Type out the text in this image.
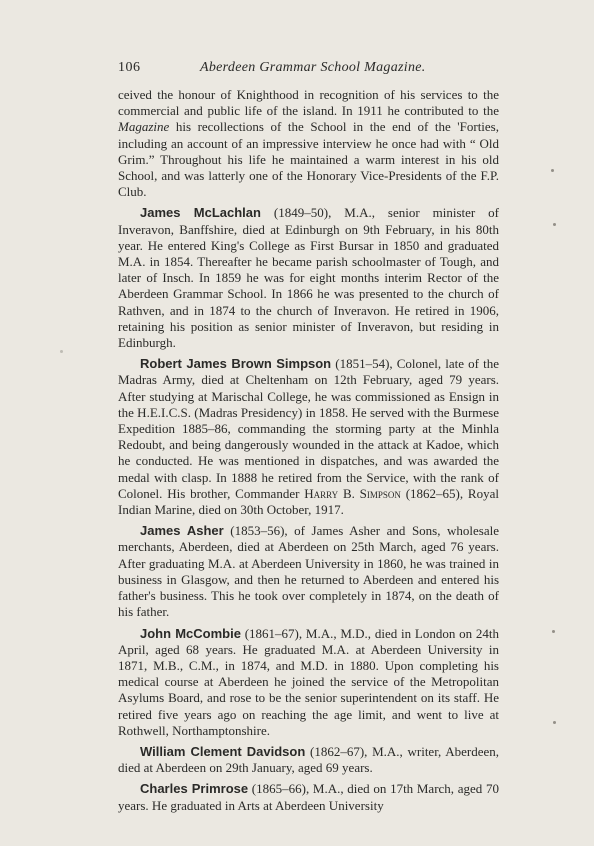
106	Aberdeen Grammar School Magazine.

ceived the honour of Knighthood in recognition of his services to the commercial and public life of the island. In 1911 he contributed to the Magazine his recollections of the School in the end of the 'Forties, including an account of an impressive interview he once had with “ Old Grim.” Throughout his life he maintained a warm interest in his old School, and was latterly one of the Honorary Vice-Presidents of the F.P. Club.

James McLachlan (1849–50), M.A., senior minister of Inveravon, Banffshire, died at Edinburgh on 9th February, in his 80th year. He entered King's College as First Bursar in 1850 and graduated M.A. in 1854. Thereafter he became parish schoolmaster of Tough, and later of Insch. In 1859 he was for eight months interim Rector of the Aberdeen Grammar School. In 1866 he was presented to the church of Rathven, and in 1874 to the church of Inveravon. He retired in 1906, retaining his position as senior minister of Inveravon, but residing in Edinburgh.

Robert James Brown Simpson (1851–54), Colonel, late of the Madras Army, died at Cheltenham on 12th February, aged 79 years. After studying at Marischal College, he was commissioned as Ensign in the H.E.I.C.S. (Madras Presidency) in 1858. He served with the Burmese Expedition 1885–86, commanding the storming party at the Minhla Redoubt, and being dangerously wounded in the attack at Kadoe, which he conducted. He was mentioned in dispatches, and was awarded the medal with clasp. In 1888 he retired from the Service, with the rank of Colonel. His brother, Commander Harry B. Simpson (1862–65), Royal Indian Marine, died on 30th October, 1917.

James Asher (1853–56), of James Asher and Sons, wholesale merchants, Aberdeen, died at Aberdeen on 25th March, aged 76 years. After graduating M.A. at Aberdeen University in 1860, he was trained in business in Glasgow, and then he returned to Aberdeen and entered his father's business. This he took over completely in 1874, on the death of his father.

John McCombie (1861–67), M.A., M.D., died in London on 24th April, aged 68 years. He graduated M.A. at Aberdeen University in 1871, M.B., C.M., in 1874, and M.D. in 1880. Upon completing his medical course at Aberdeen he joined the service of the Metropolitan Asylums Board, and rose to be the senior superintendent on its staff. He retired five years ago on reaching the age limit, and went to live at Rothwell, Northamptonshire.

William Clement Davidson (1862–67), M.A., writer, Aberdeen, died at Aberdeen on 29th January, aged 69 years.

Charles Primrose (1865–66), M.A., died on 17th March, aged 70 years. He graduated in Arts at Aberdeen University
